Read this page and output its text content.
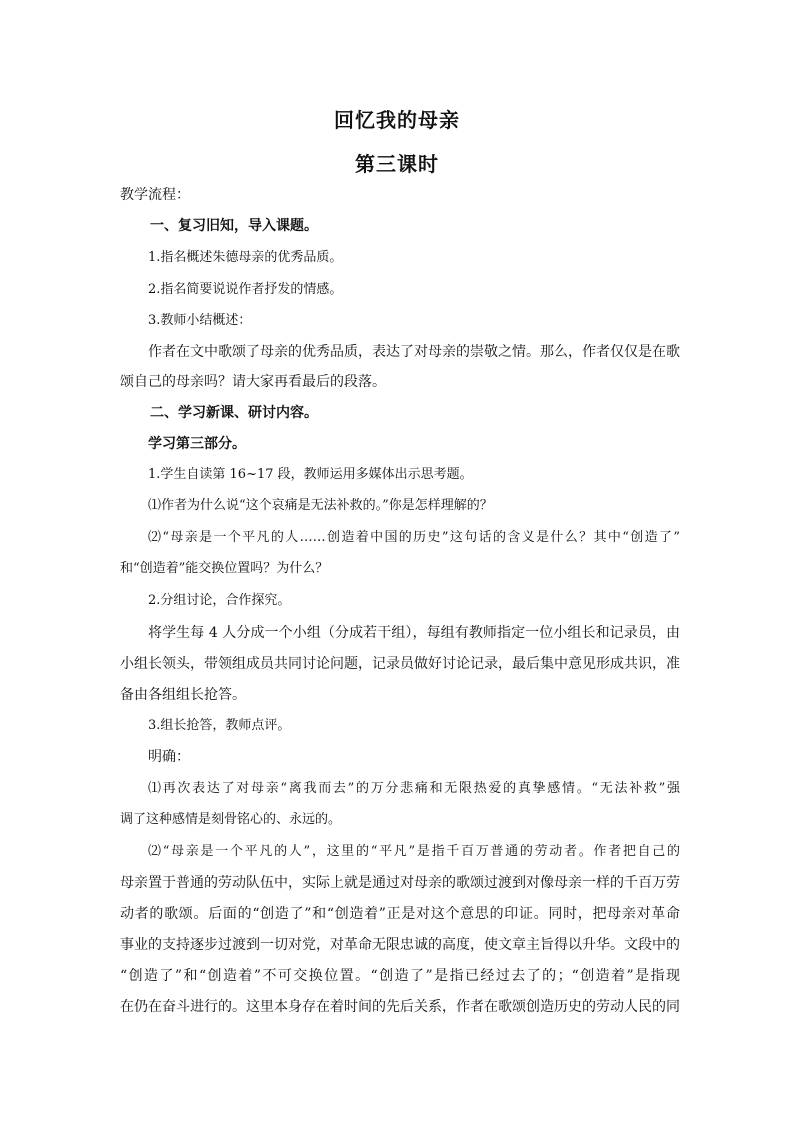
回忆我的母亲
第三课时
教学流程：
一、复习旧知，导入课题。
1.指名概述朱德母亲的优秀品质。
2.指名简要说说作者抒发的情感。
3.教师小结概述：
作者在文中歌颂了母亲的优秀品质，表达了对母亲的崇敬之情。那么，作者仅仅是在歌
颂自己的母亲吗？请大家再看最后的段落。
二、学习新课、研讨内容。
学习第三部分。
1.学生自读第 16~17 段，教师运用多媒体出示思考题。
⑴作者为什么说“这个哀痛是无法补救的。”你是怎样理解的？
⑵“母亲是一个平凡的人……创造着中国的历史”这句话的含义是什么？其中“创造了”
和“创造着”能交换位置吗？为什么？
2.分组讨论，合作探究。
将学生每 4 人分成一个小组（分成若干组），每组有教师指定一位小组长和记录员，由
小组长领头，带领组成员共同讨论问题，记录员做好讨论记录，最后集中意见形成共识，准
备由各组组长抢答。
3.组长抢答，教师点评。
明确：
⑴再次表达了对母亲“离我而去”的万分悲痛和无限热爱的真挚感情。“无法补救”强
调了这种感情是刻骨铭心的、永远的。
⑵“母亲是一个平凡的人”，这里的“平凡”是指千百万普通的劳动者。作者把自己的
母亲置于普通的劳动队伍中，实际上就是通过对母亲的歌颂过渡到对像母亲一样的千百万劳
动者的歌颂。后面的“创造了”和“创造着”正是对这个意思的印证。同时，把母亲对革命
事业的支持逐步过渡到一切对党，对革命无限忠诚的高度，使文章主旨得以升华。文段中的
“创造了”和“创造着”不可交换位置。“创造了”是指已经过去了的；“创造着”是指现
在仍在奋斗进行的。这里本身存在着时间的先后关系，作者在歌颂创造历史的劳动人民的同
